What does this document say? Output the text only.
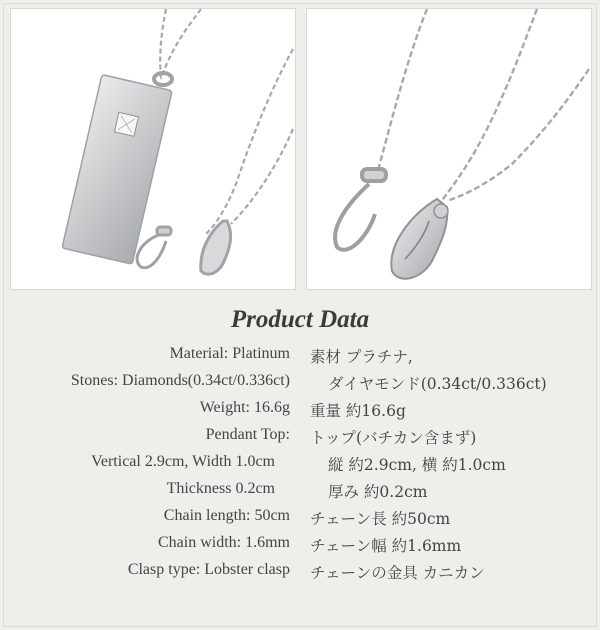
Product Data
Material: Platinum 素材 プラチナ,
Stones: Diamonds(0.34ct/0.336ct) ダイヤモンド(0.34ct/0.336ct)
Weight: 16.6g 重量 約16.6g
Pendant Top: トップ(バチカン含まず)
Vertical 2.9cm, Width 1.0cm	縦 約2.9cm, 横 約1.0cm
Thickness 0.2cm	厚み 約0.2cm
Chain length: 50cm チェーン長 約50cm
Chain width: 1.6mm チェーン幅 約1.6mm
Clasp type: Lobster clasp チェーンの金具 カニカン
